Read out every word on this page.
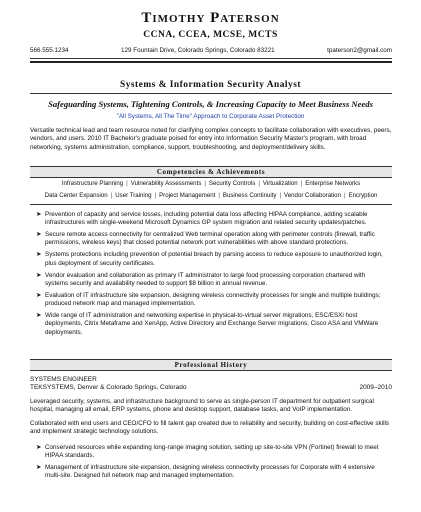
Timothy Paterson
CCNA, CCEA, MCSE, MCTS
566.555.1234	129 Fountain Drive, Colorado Springs, Colorado 83221	tpaterson2@gmail.com
Systems & Information Security Analyst
Safeguarding Systems, Tightening Controls, & Increasing Capacity to Meet Business Needs
"All Systems, All The Time" Approach to Corporate Asset Protection
Versatile technical lead and team resource noted for clarifying complex concepts to facilitate collaboration with executives, peers, vendors, and users. 2010 IT Bachelor's graduate poised for entry into Information Security Master's program, with broad networking, systems administration, compliance, support, troubleshooting, and deployment/delivery skills.
Competencies & Achievements
Infrastructure Planning | Vulnerability Assessments | Security Controls | Virtualization | Enterprise Networks
Data Center Expansion | User Training | Project Management | Business Continuity | Vendor Collaboration | Encryption
➤ Prevention of capacity and service losses, including potential data loss affecting HIPAA compliance, adding scalable infrastructures with single-weekend Microsoft Dynamics GP system migration and related security updates/patches.
➤ Secure remote access connectivity for centralized Web terminal operation along with perimeter controls (firewall, traffic permissions, wireless keys) that closed potential network port vulnerabilities with above standard protections.
➤ Systems protections including prevention of potential breach by parsing access to reduce exposure to unauthorized login, plus deployment of security certificates.
➤ Vendor evaluation and collaboration as primary IT administrator to large food processing corporation chartered with systems security and availability needed to support $8 billion in annual revenue.
➤ Evaluation of IT infrastructure site expansion, designing wireless connectivity processes for single and multiple buildings; produced network map and managed implementation.
➤ Wide range of IT administration and networking expertise in physical-to-virtual server migrations, ESC/ESXi host deployments, Citrix Metaframe and XenApp, Active Directory and Exchange Server migrations, Cisco ASA and VMWare deployments.
Professional History
SYSTEMS ENGINEER
TEKSYSTEMS, Denver & Colorado Springs, Colorado	2009–2010
Leveraged security, systems, and infrastructure background to serve as single-person IT department for outpatient surgical hospital, managing all email, ERP systems, phone and desktop support, database tasks, and VoIP implementation.
Collaborated with end users and CEO/CFO to fill talent gap created due to reliability and security, building on cost-effective skills and implement strategic technology solutions.
➤ Conserved resources while expanding long-range imaging solution, setting up site-to-site VPN (Fortinet) firewall to meet HIPAA standards.
➤ Management of infrastructure site expansion, designing wireless connectivity processes for Corporate with 4 extensive multi-site. Designed full network map and managed implementation.
